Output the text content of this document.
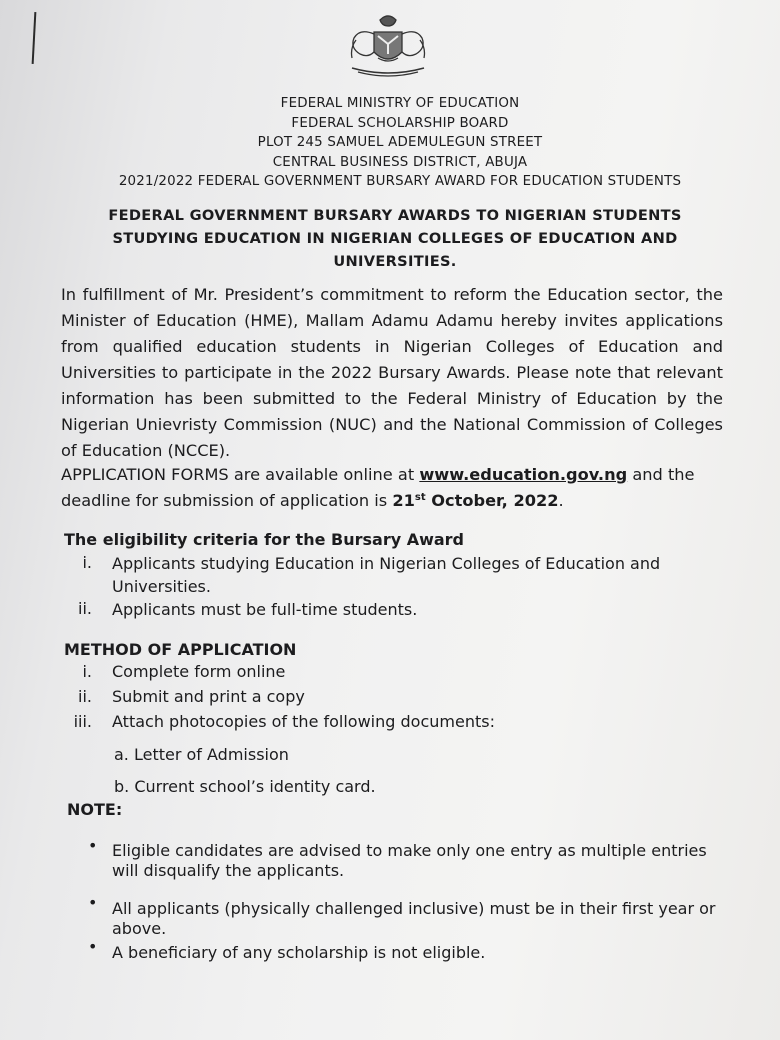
FEDERAL MINISTRY OF EDUCATION
FEDERAL SCHOLARSHIP BOARD
PLOT 245 SAMUEL ADEMULEGUN STREET
CENTRAL BUSINESS DISTRICT, ABUJA
2021/2022 FEDERAL GOVERNMENT BURSARY AWARD FOR EDUCATION STUDENTS
FEDERAL GOVERNMENT BURSARY AWARDS TO NIGERIAN STUDENTS
STUDYING EDUCATION IN NIGERIAN COLLEGES OF EDUCATION AND
UNIVERSITIES.
In fulfillment of Mr. President’s commitment to reform the Education sector, the Minister of Education (HME), Mallam Adamu Adamu hereby invites applications from qualified education students in Nigerian Colleges of Education and Universities to participate in the 2022 Bursary Awards. Please note that relevant information has been submitted to the Federal Ministry of Education by the Nigerian Unievristy Commission (NUC) and the National Commission of Colleges of Education (NCCE).
APPLICATION FORMS are available online at www.education.gov.ng and the deadline for submission of application is 21st October, 2022.
The eligibility criteria for the Bursary Award
i. Applicants studying Education in Nigerian Colleges of Education and
Universities.
ii. Applicants must be full-time students.
METHOD OF APPLICATION
i. Complete form online
ii. Submit and print a copy
iii. Attach photocopies of the following documents:
a. Letter of Admission
b. Current school’s identity card.
NOTE:
• Eligible candidates are advised to make only one entry as multiple entries
will disqualify the applicants.
• All applicants (physically challenged inclusive) must be in their first year or
above.
• A beneficiary of any scholarship is not eligible.
